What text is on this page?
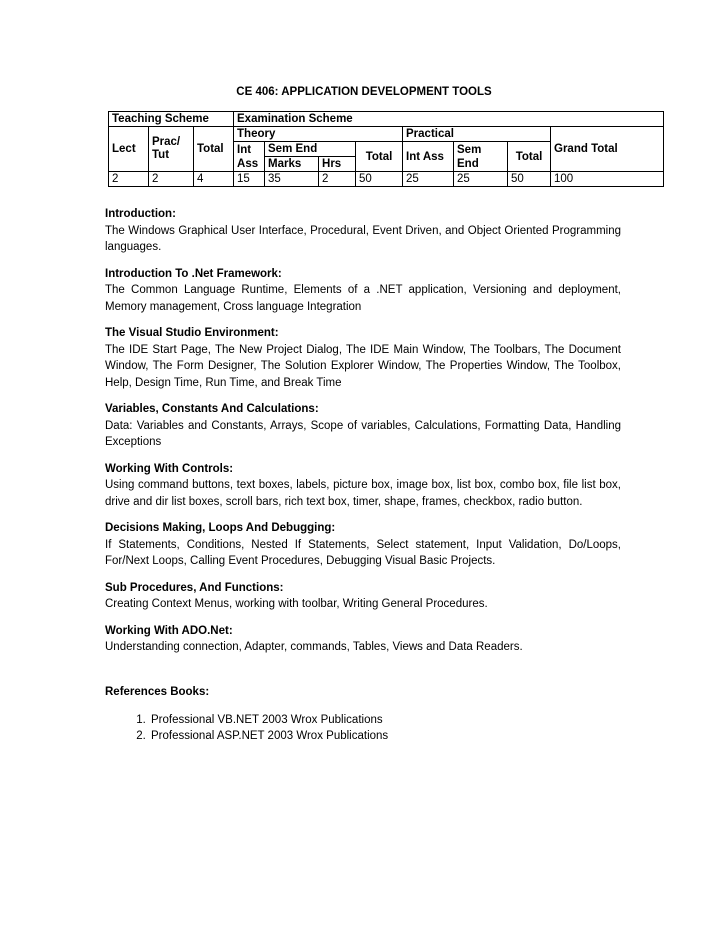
CE 406: APPLICATION DEVELOPMENT TOOLS
Teaching Scheme			Examination Scheme							
Lect	Prac/ Tut	Total	Theory				Practical			Grand Total
			Int Ass	Sem End		Total	Int Ass	Sem End	Total	
				Marks	Hrs					
2	2	4	15	35	2	50	25	25	50	100
Introduction:
The Windows Graphical User Interface, Procedural, Event Driven, and Object Oriented Programming languages.
Introduction To .Net Framework:
The Common Language Runtime, Elements of a .NET application, Versioning and deployment, Memory management, Cross language Integration
The Visual Studio Environment:
The IDE Start Page, The New Project Dialog, The IDE Main Window, The Toolbars, The Document Window, The Form Designer, The Solution Explorer Window, The Properties Window, The Toolbox, Help, Design Time, Run Time, and Break Time
Variables, Constants And Calculations:
Data: Variables and Constants, Arrays, Scope of variables, Calculations, Formatting Data, Handling Exceptions
Working With Controls:
Using command buttons, text boxes, labels, picture box, image box, list box, combo box, file list box, drive and dir list boxes, scroll bars, rich text box, timer, shape, frames, checkbox, radio button.
Decisions Making, Loops And Debugging:
If Statements, Conditions, Nested If Statements, Select statement, Input Validation, Do/Loops, For/Next Loops, Calling Event Procedures, Debugging Visual Basic Projects.
Sub Procedures, And Functions:
Creating Context Menus, working with toolbar, Writing General Procedures.
Working With ADO.Net:
Understanding connection, Adapter, commands, Tables, Views and Data Readers.
References Books:
1. Professional VB.NET 2003 Wrox Publications
2. Professional ASP.NET 2003 Wrox Publications
